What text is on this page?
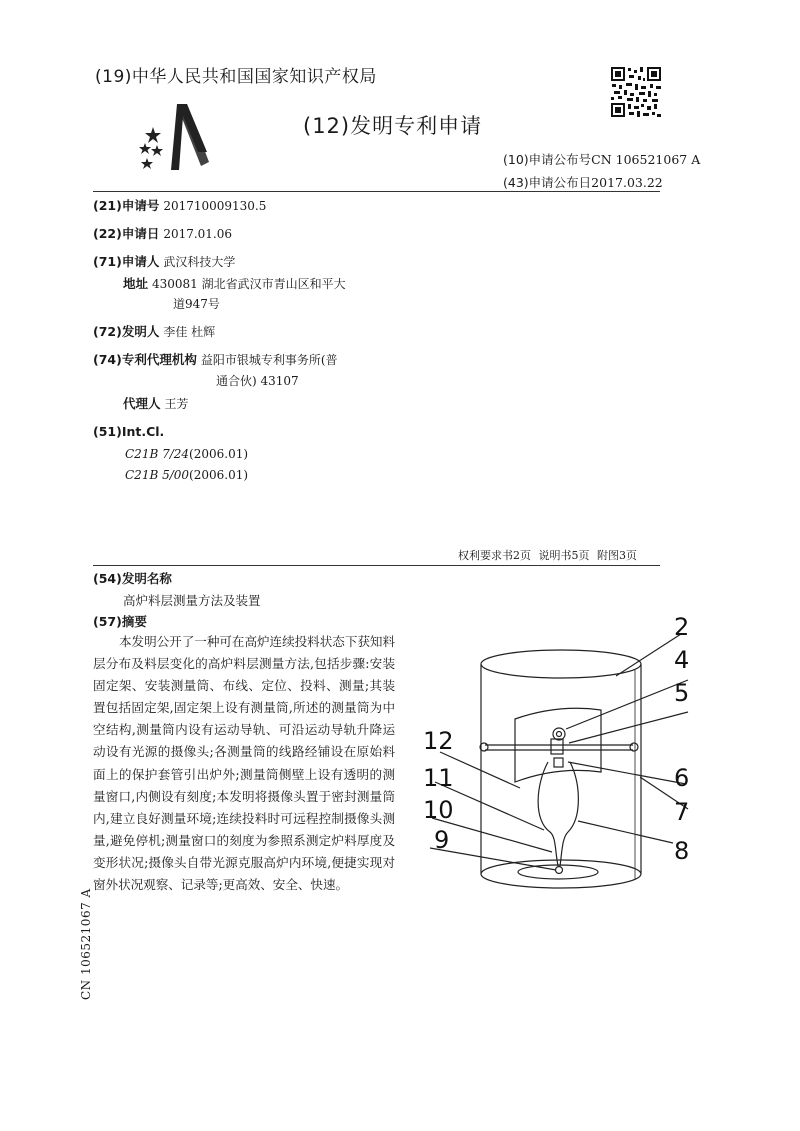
(19)中华人民共和国国家知识产权局
(12)发明专利申请
(10)申请公布号CN 106521067 A
(43)申请公布日2017.03.22
(21)申请号 201710009130.5
(22)申请日 2017.01.06
(71)申请人 武汉科技大学
地址 430081 湖北省武汉市青山区和平大
道947号
(72)发明人 李佳 杜辉
(74)专利代理机构 益阳市银城专利事务所(普
通合伙) 43107
代理人 王芳
(51)Int.Cl.
C21B 7/24(2006.01)
C21B 5/00(2006.01)
权利要求书2页 说明书5页 附图3页
(54)发明名称
高炉料层测量方法及装置
(57)摘要
本发明公开了一种可在高炉连续投料状态下获知料层分布及料层变化的高炉料层测量方法,包括步骤:安装固定架、安装测量筒、布线、定位、投料、测量;其装置包括固定架,固定架上设有测量筒,所述的测量筒为中空结构,测量筒内设有运动导轨、可沿运动导轨升降运动设有光源的摄像头;各测量筒的线路经铺设在原始料面上的保护套管引出炉外;测量筒侧壁上设有透明的测量窗口,内侧设有刻度;本发明将摄像头置于密封测量筒内,建立良好测量环境;连续投料时可远程控制摄像头测量,避免停机;测量窗口的刻度为参照系测定炉料厚度及变形状况;摄像头自带光源克服高炉内环境,便捷实现对窗外状况观察、记录等;更高效、安全、快速。
2
4
5
12
11
10
9
6
7
8
CN 106521067 A
